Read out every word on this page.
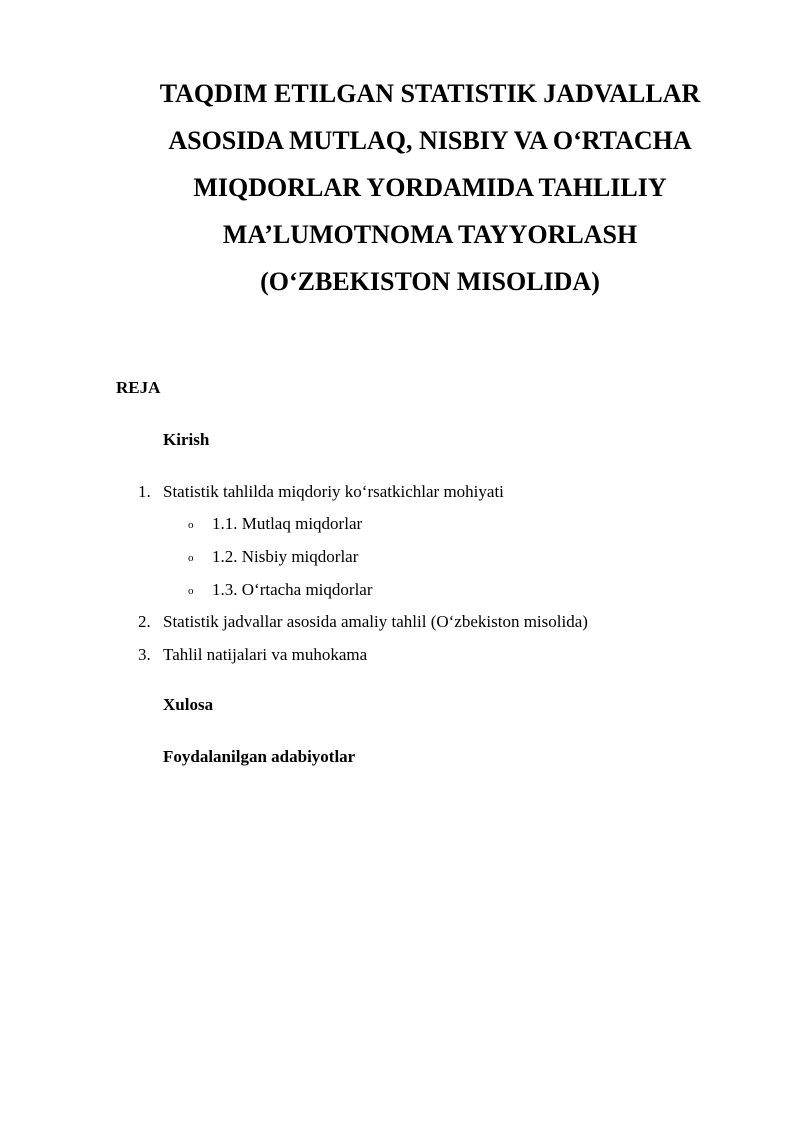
TAQDIM ETILGAN STATISTIK JADVALLAR
ASOSIDA MUTLAQ, NISBIY VA O‘RTACHA
MIQDORLAR YORDAMIDA TAHLILIY
MA’LUMOTNOMA TAYYORLASH
(O‘ZBEKISTON MISOLIDA)
REJA
Kirish
1. Statistik tahlilda miqdoriy ko‘rsatkichlar mohiyati
o 1.1. Mutlaq miqdorlar
o 1.2. Nisbiy miqdorlar
o 1.3. O‘rtacha miqdorlar
2. Statistik jadvallar asosida amaliy tahlil (O‘zbekiston misolida)
3. Tahlil natijalari va muhokama
Xulosa
Foydalanilgan adabiyotlar
